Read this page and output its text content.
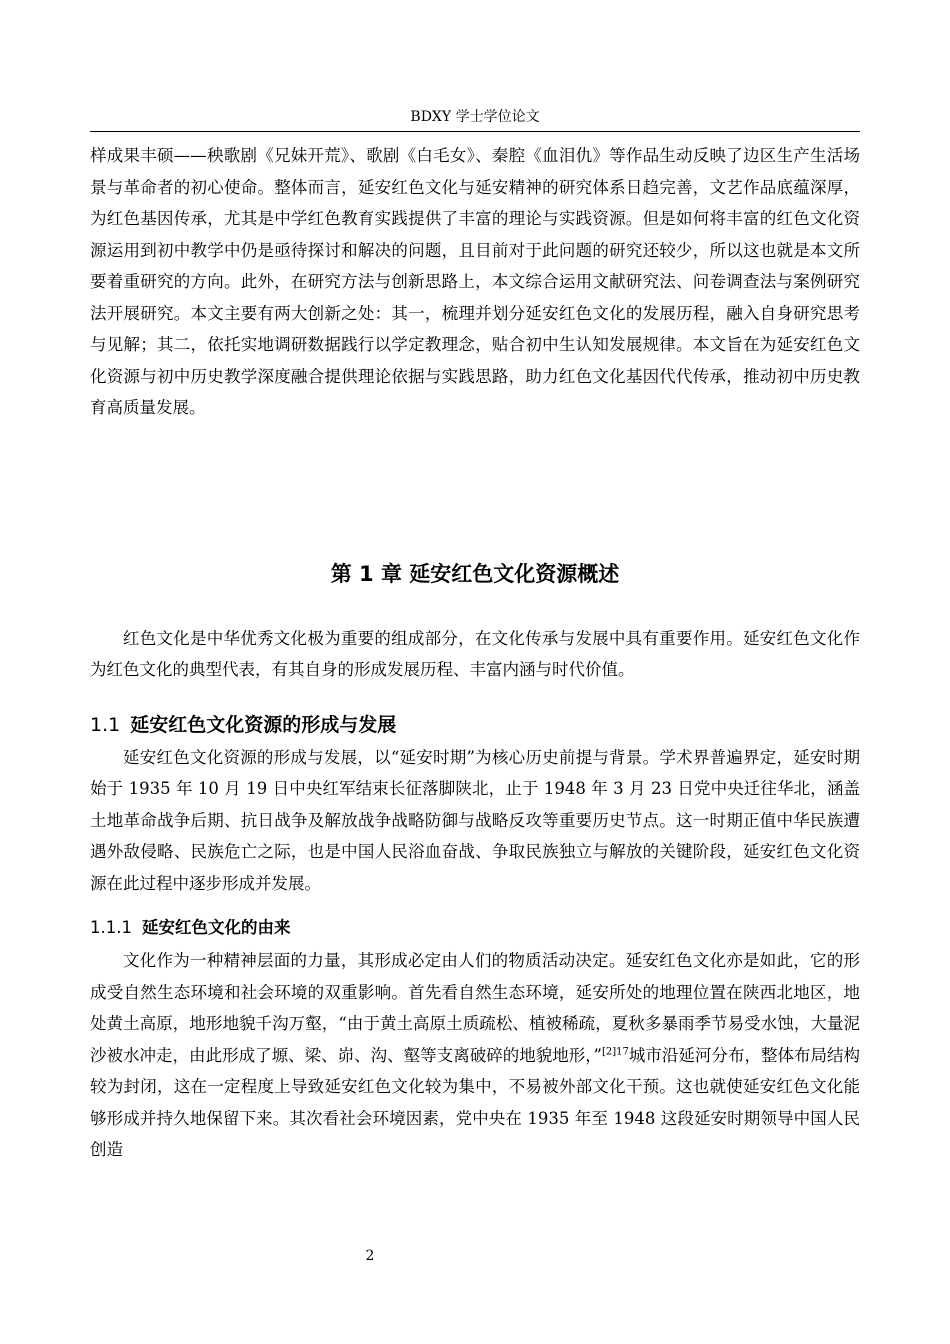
BDXY 学士学位论文

样成果丰硕——秧歌剧《兄妹开荒》、歌剧《白毛女》、秦腔《血泪仇》等作品生动反映了边区生产生活场景与革命者的初心使命。整体而言，延安红色文化与延安精神的研究体系日趋完善，文艺作品底蕴深厚，为红色基因传承，尤其是中学红色教育实践提供了丰富的理论与实践资源。但是如何将丰富的红色文化资源运用到初中教学中仍是亟待探讨和解决的问题，且目前对于此问题的研究还较少，所以这也就是本文所要着重研究的方向。此外，在研究方法与创新思路上，本文综合运用文献研究法、问卷调查法与案例研究法开展研究。本文主要有两大创新之处：其一，梳理并划分延安红色文化的发展历程，融入自身研究思考与见解；其二，依托实地调研数据践行以学定教理念，贴合初中生认知发展规律。本文旨在为延安红色文化资源与初中历史教学深度融合提供理论依据与实践思路，助力红色文化基因代代传承，推动初中历史教育高质量发展。

第 1 章 延安红色文化资源概述

红色文化是中华优秀文化极为重要的组成部分，在文化传承与发展中具有重要作用。延安红色文化作为红色文化的典型代表，有其自身的形成发展历程、丰富内涵与时代价值。

1.1 延安红色文化资源的形成与发展

延安红色文化资源的形成与发展，以“延安时期”为核心历史前提与背景。学术界普遍界定，延安时期始于 1935 年 10 月 19 日中央红军结束长征落脚陕北，止于 1948 年 3 月 23 日党中央迁往华北，涵盖土地革命战争后期、抗日战争及解放战争战略防御与战略反攻等重要历史节点。这一时期正值中华民族遭遇外敌侵略、民族危亡之际，也是中国人民浴血奋战、争取民族独立与解放的关键阶段，延安红色文化资源在此过程中逐步形成并发展。

1.1.1 延安红色文化的由来

文化作为一种精神层面的力量，其形成必定由人们的物质活动决定。延安红色文化亦是如此，它的形成受自然生态环境和社会环境的双重影响。首先看自然生态环境，延安所处的地理位置在陕西北地区，地处黄土高原，地形地貌千沟万壑，“由于黄土高原土质疏松、植被稀疏，夏秋多暴雨季节易受水蚀，大量泥沙被水冲走，由此形成了塬、梁、峁、沟、壑等支离破碎的地貌地形，”$^{[2]17}$城市沿延河分布，整体布局结构较为封闭，这在一定程度上导致延安红色文化较为集中，不易被外部文化干预。这也就使延安红色文化能够形成并持久地保留下来。其次看社会环境因素，党中央在 1935 年至 1948 这段延安时期领导中国人民创造

2
